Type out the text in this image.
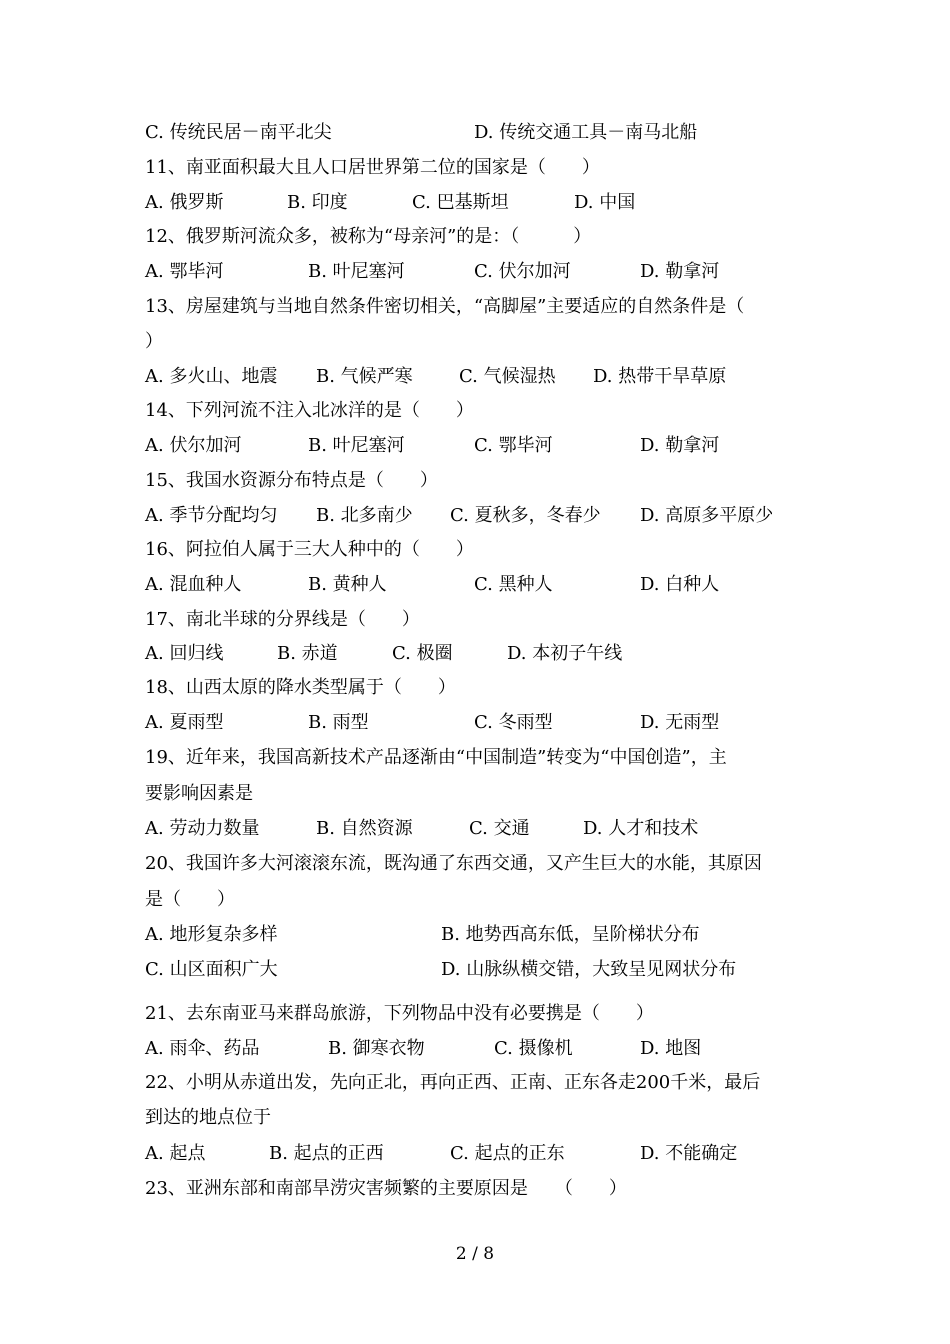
C. 传统民居－南平北尖	D. 传统交通工具－南马北船
11、南亚面积最大且人口居世界第二位的国家是（　　）
A. 俄罗斯	B. 印度	C. 巴基斯坦	D. 中国
12、俄罗斯河流众多，被称为“母亲河”的是：（　　　）
A. 鄂毕河	B. 叶尼塞河	C. 伏尔加河	D. 勒拿河
13、房屋建筑与当地自然条件密切相关，“高脚屋”主要适应的自然条件是（
）
A. 多火山、地震 B. 气候严寒	C. 气候湿热 D. 热带干旱草原
14、下列河流不注入北冰洋的是（　　）
A. 伏尔加河	B. 叶尼塞河	C. 鄂毕河	D. 勒拿河
15、我国水资源分布特点是（　　）
A. 季节分配均匀 B. 北多南少 C. 夏秋多，冬春少 D. 高原多平原少
16、阿拉伯人属于三大人种中的（　　）
A. 混血种人	B. 黄种人	C. 黑种人	D. 白种人
17、南北半球的分界线是（　　）
A. 回归线	B. 赤道	C. 极圈	D. 本初子午线
18、山西太原的降水类型属于（　　）
A. 夏雨型	B. 雨型	C. 冬雨型	D. 无雨型
19、近年来，我国高新技术产品逐渐由“中国制造”转变为“中国创造”，主
要影响因素是
A. 劳动力数量	B. 自然资源	C. 交通	D. 人才和技术
20、我国许多大河滚滚东流，既沟通了东西交通，又产生巨大的水能，其原因
是（　　）
A. 地形复杂多样	B. 地势西高东低，呈阶梯状分布
C. 山区面积广大	D. 山脉纵横交错，大致呈见网状分布
21、去东南亚马来群岛旅游，下列物品中没有必要携是（　　）
A. 雨伞、药品	B. 御寒衣物	C. 摄像机	D. 地图
22、小明从赤道出发，先向正北，再向正西、正南、正东各走200千米，最后
到达的地点位于
A. 起点	B. 起点的正西	C. 起点的正东	D. 不能确定
23、亚洲东部和南部旱涝灾害频繁的主要原因是　　（　　）
2 / 8
